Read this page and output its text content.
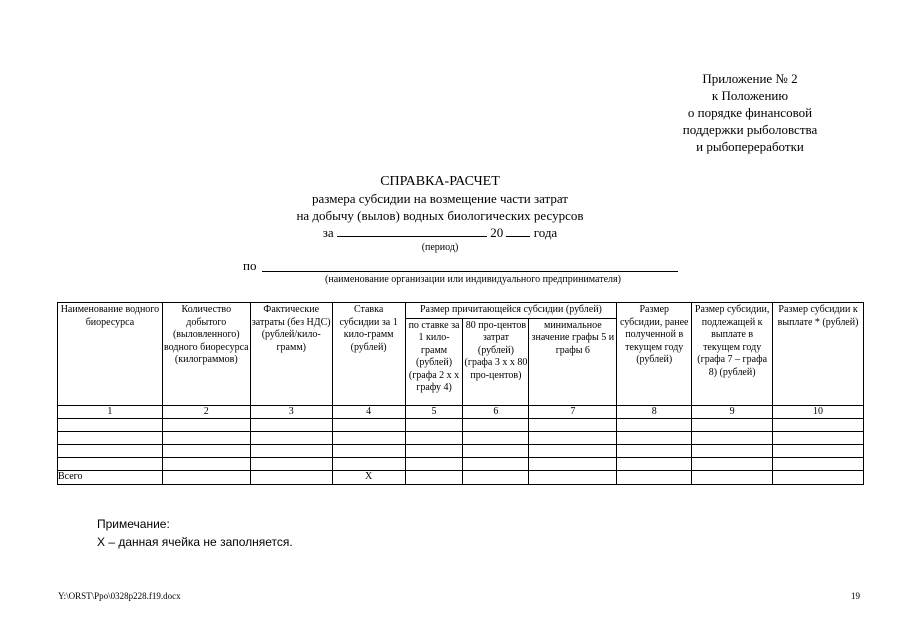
Приложение № 2
к Положению
о порядке финансовой
поддержки рыболовства
и рыбопереработки
СПРАВКА-РАСЧЕТ
размера субсидии на возмещение части затрат
на добычу (вылов) водных биологических ресурсов
за	20 года
(период)
по
(наименование организации или индивидуального предпринимателя)
Наименование водного биоресурса	Количество добытого (выловленного) водного биоресурса (килограммов)	Фактические затраты (без НДС) (рублей/кило-грамм)	Ставка субсидии за 1 кило-грамм (рублей)	Размер причитающейся субсидии (рублей)			Размер субсидии, ранее полученной в текущем году (рублей)	Размер субсидии, подлежащей к выплате в текущем году (графа 7 – графа 8) (рублей)	Размер субсидии к выплате * (рублей)
				по ставке за 1 кило-грамм (рублей) (графа 2 х х графу 4)	80 про-центов затрат (рублей) (графа 3 х х 80 про-центов)	минимальное значение графы 5 и графы 6			
1	2	3	4	5	6	7	8	9	10

Всего			Х						
Примечание:
Х – данная ячейка не заполняется.
Y:\ORST\Ppo\0328p228.f19.docx	19
